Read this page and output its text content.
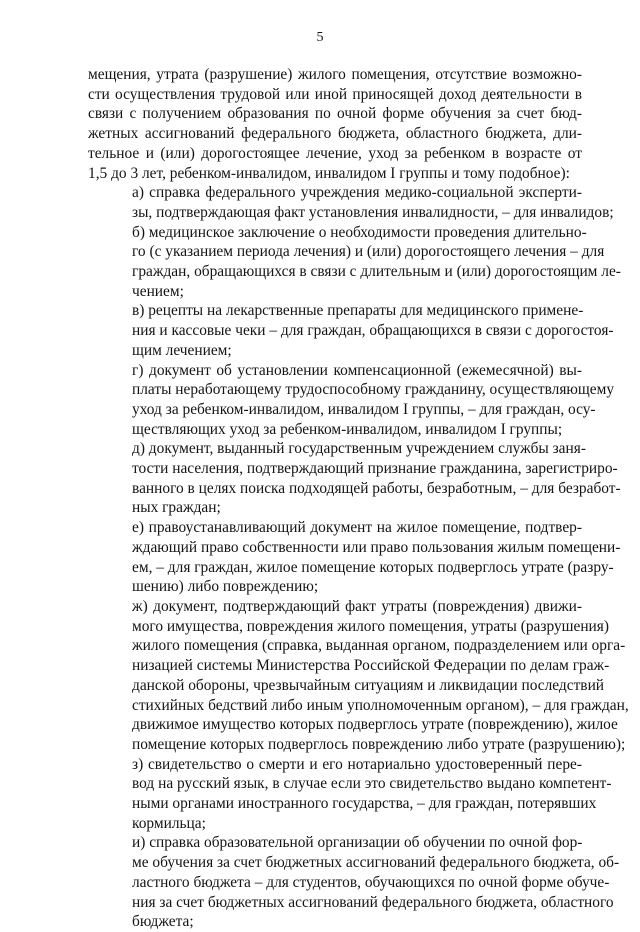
5

мещения, утрата (разрушение) жилого помещения, отсутствие возможно-
сти осуществления трудовой или иной приносящей доход деятельности в
связи с получением образования по очной форме обучения за счет бюд-
жетных ассигнований федерального бюджета, областного бюджета, дли-
тельное и (или) дорогостоящее лечение, уход за ребенком в возрасте от
1,5 до 3 лет, ребенком-инвалидом, инвалидом I группы и тому подобное):

а) справка федерального учреждения медико-социальной эксперти-
зы, подтверждающая факт установления инвалидности, – для инвалидов;

б) медицинское заключение о необходимости проведения длительно-
го (с указанием периода лечения) и (или) дорогостоящего лечения – для
граждан, обращающихся в связи с длительным и (или) дорогостоящим ле-
чением;

в) рецепты на лекарственные препараты для медицинского примене-
ния и кассовые чеки – для граждан, обращающихся в связи с дорогостоя-
щим лечением;

г) документ об установлении компенсационной (ежемесячной) вы-
платы неработающему трудоспособному гражданину, осуществляющему
уход за ребенком-инвалидом, инвалидом I группы, – для граждан, осу-
ществляющих уход за ребенком-инвалидом, инвалидом I группы;

д) документ, выданный государственным учреждением службы заня-
тости населения, подтверждающий признание гражданина, зарегистриро-
ванного в целях поиска подходящей работы, безработным, – для безработ-
ных граждан;

е) правоустанавливающий документ на жилое помещение, подтвер-
ждающий право собственности или право пользования жилым помещени-
ем, – для граждан, жилое помещение которых подверглось утрате (разру-
шению) либо повреждению;

ж) документ, подтверждающий факт утраты (повреждения) движи-
мого имущества, повреждения жилого помещения, утраты (разрушения)
жилого помещения (справка, выданная органом, подразделением или орга-
низацией системы Министерства Российской Федерации по делам граж-
данской обороны, чрезвычайным ситуациям и ликвидации последствий
стихийных бедствий либо иным уполномоченным органом), – для граждан,
движимое имущество которых подверглось утрате (повреждению), жилое
помещение которых подверглось повреждению либо утрате (разрушению);

з) свидетельство о смерти и его нотариально удостоверенный пере-
вод на русский язык, в случае если это свидетельство выдано компетент-
ными органами иностранного государства, – для граждан, потерявших
кормильца;

и) справка образовательной организации об обучении по очной фор-
ме обучения за счет бюджетных ассигнований федерального бюджета, об-
ластного бюджета – для студентов, обучающихся по очной форме обуче-
ния за счет бюджетных ассигнований федерального бюджета, областного
бюджета;
